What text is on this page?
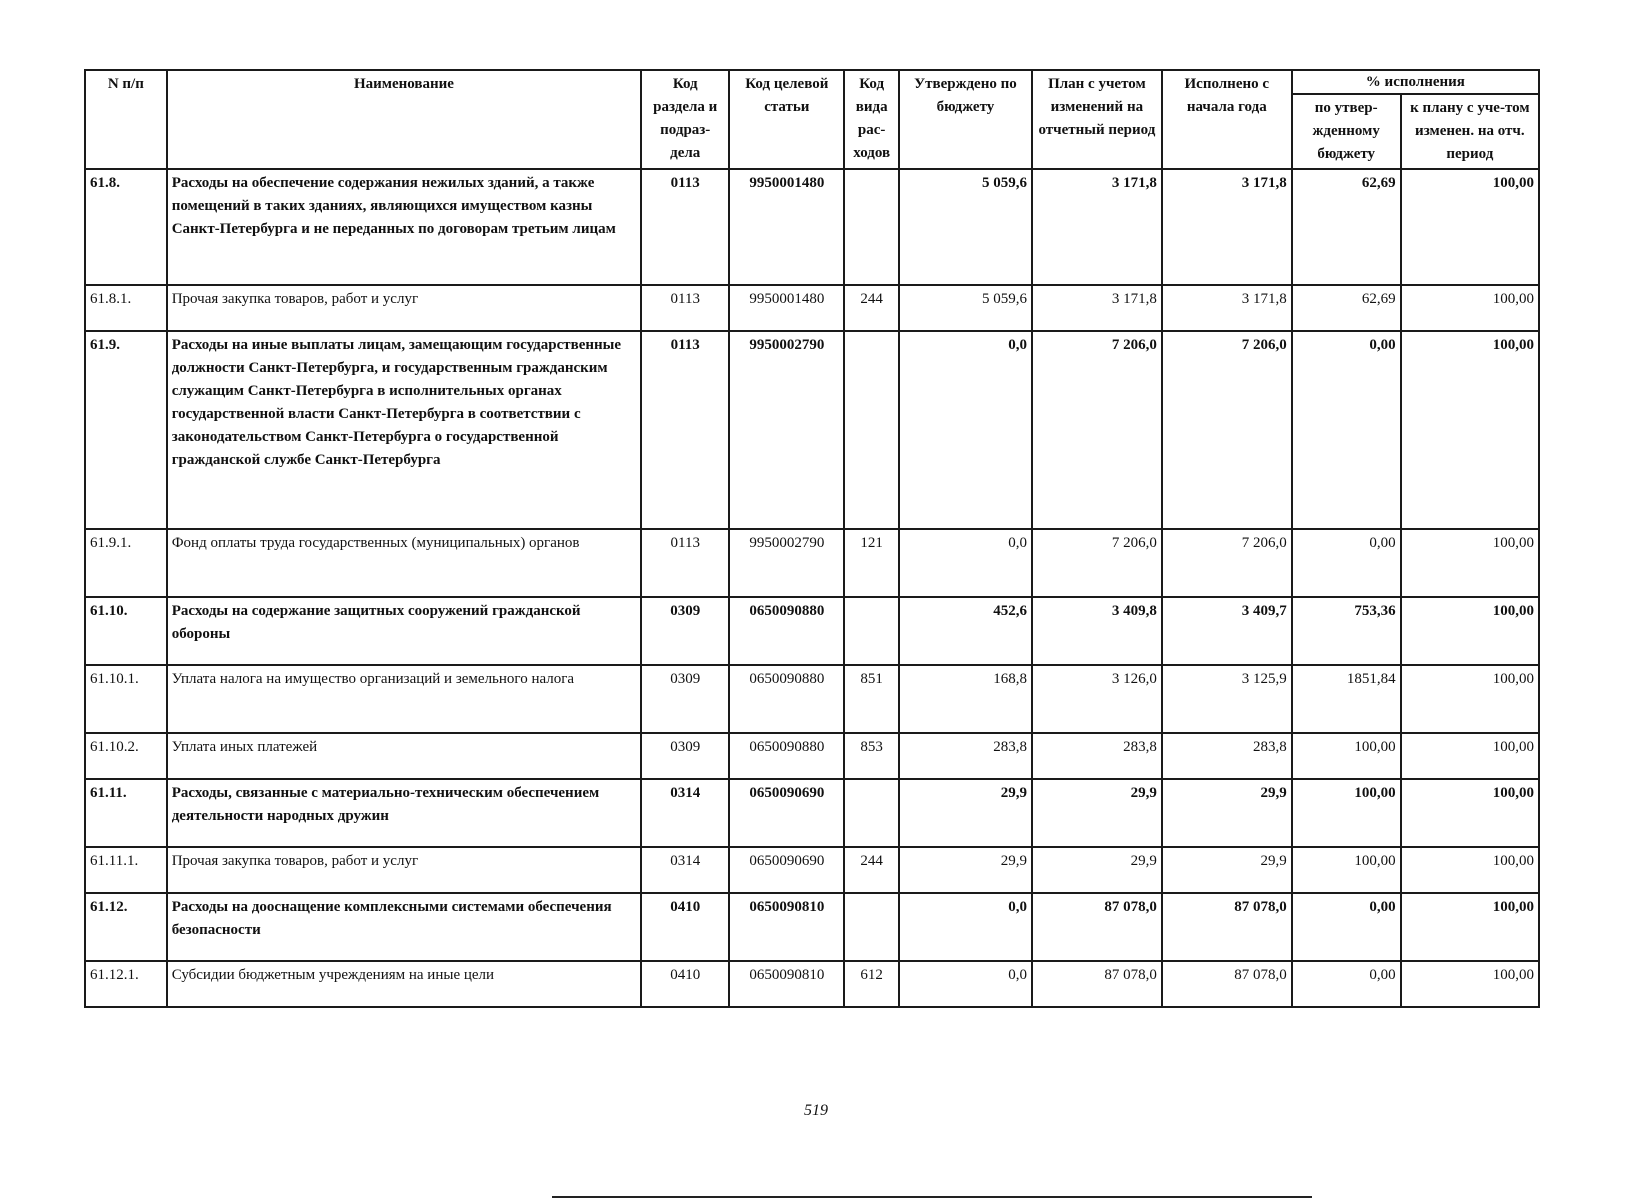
N п/п	Наименование	Код раздела и подраз-дела	Код целевой статьи	Код вида рас-ходов	Утверждено по бюджету	План с учетом изменений на отчетный период	Исполнено с начала года	% исполнения	
								по утвер-жденному бюджету	к плану с уче-том изменен. на отч. период
61.8.	Расходы на обеспечение содержания нежилых зданий, а также помещений в таких зданиях, являющихся имуществом казны Санкт-Петербурга и не переданных по договорам третьим лицам	0113	9950001480		5 059,6	3 171,8	3 171,8	62,69	100,00
61.8.1.	Прочая закупка товаров, работ и услуг	0113	9950001480	244	5 059,6	3 171,8	3 171,8	62,69	100,00
61.9.	Расходы на иные выплаты лицам, замещающим государственные должности Санкт-Петербурга, и государственным гражданским служащим Санкт-Петербурга в исполнительных органах государственной власти Санкт-Петербурга в соответствии с законодательством Санкт-Петербурга о государственной гражданской службе Санкт-Петербурга	0113	9950002790		0,0	7 206,0	7 206,0	0,00	100,00
61.9.1.	Фонд оплаты труда государственных (муниципальных) органов	0113	9950002790	121	0,0	7 206,0	7 206,0	0,00	100,00
61.10.	Расходы на содержание защитных сооружений гражданской обороны	0309	0650090880		452,6	3 409,8	3 409,7	753,36	100,00
61.10.1.	Уплата налога на имущество организаций и земельного налога	0309	0650090880	851	168,8	3 126,0	3 125,9	1851,84	100,00
61.10.2.	Уплата иных платежей	0309	0650090880	853	283,8	283,8	283,8	100,00	100,00
61.11.	Расходы, связанные с материально-техническим обеспечением деятельности народных дружин	0314	0650090690		29,9	29,9	29,9	100,00	100,00
61.11.1.	Прочая закупка товаров, работ и услуг	0314	0650090690	244	29,9	29,9	29,9	100,00	100,00
61.12.	Расходы на дооснащение комплексными системами обеспечения безопасности	0410	0650090810		0,0	87 078,0	87 078,0	0,00	100,00
61.12.1.	Субсидии бюджетным учреждениям на иные цели	0410	0650090810	612	0,0	87 078,0	87 078,0	0,00	100,00
519
